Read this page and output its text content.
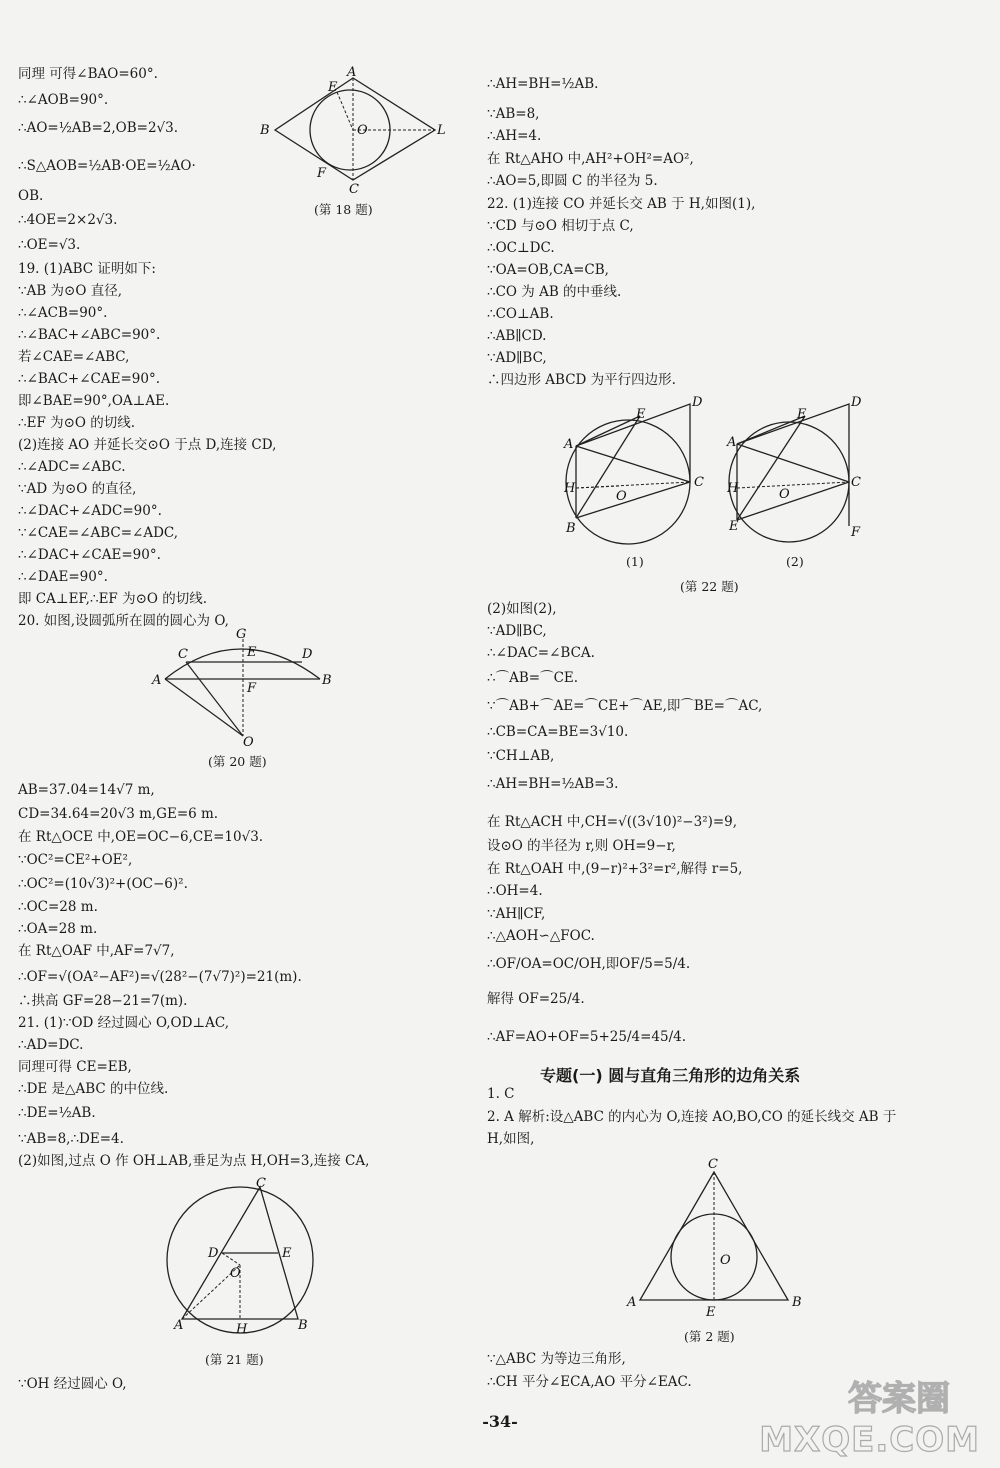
同理 可得∠BAO=60°.
∴∠AOB=90°.
∴AO=½AB=2,OB=2√3.
∴S△AOB=½AB·OE=½AO·
OB.
∴4OE=2×2√3.
∴OE=√3.
19. (1)ABC 证明如下:
∵AB 为⊙O 直径,
∴∠ACB=90°.
∴∠BAC+∠ABC=90°.
若∠CAE=∠ABC,
∴∠BAC+∠CAE=90°.
即∠BAE=90°,OA⊥AE.
∴EF 为⊙O 的切线.
(2)连接 AO 并延长交⊙O 于点 D,连接 CD,
∴∠ADC=∠ABC.
∵AD 为⊙O 的直径,
∴∠DAC+∠ADC=90°.
∵∠CAE=∠ABC=∠ADC,
∴∠DAC+∠CAE=90°.
∴∠DAE=90°.
即 CA⊥EF,∴EF 为⊙O 的切线.
20. 如图,设圆弧所在圆的圆心为 O,
AB=37.04=14√7 m,
CD=34.64=20√3 m,GE=6 m.
在 Rt△OCE 中,OE=OC−6,CE=10√3.
∵OC²=CE²+OE²,
∴OC²=(10√3)²+(OC−6)².
∴OC=28 m.
∴OA=28 m.
在 Rt△OAF 中,AF=7√7,
∴OF=√(OA²−AF²)=√(28²−(7√7)²)=21(m).
∴拱高 GF=28−21=7(m).
21. (1)∵OD 经过圆心 O,OD⊥AC,
∴AD=DC.
同理可得 CE=EB,
∴DE 是△ABC 的中位线.
∴DE=½AB.
∵AB=8,∴DE=4.
(2)如图,过点 O 作 OH⊥AB,垂足为点 H,OH=3,连接 CA,
∵OH 经过圆心 O,
A
E
B	O	L
F
C
(第 18 题)
G
C	E	D
A	B
F
O
(第 20 题)
C
D	E
O
A	H	B
(第 21 题)
∴AH=BH=½AB.
∵AB=8,
∴AH=4.
在 Rt△AHO 中,AH²+OH²=AO²,
∴AO=5,即圆 C 的半径为 5.
22. (1)连接 CO 并延长交 AB 于 H,如图(1),
∵CD 与⊙O 相切于点 C,
∴OC⊥DC.
∵OA=OB,CA=CB,
∴CO 为 AB 的中垂线.
∴CO⊥AB.
∴AB∥CD.
∵AD∥BC,
∴四边形 ABCD 为平行四边形.
(2)如图(2),
∵AD∥BC,
∴∠DAC=∠BCA.
∴⌒AB=⌒CE.
∵⌒AB+⌒AE=⌒CE+⌒AE,即⌒BE=⌒AC,
∴CB=CA=BE=3√10.
∵CH⊥AB,
∴AH=BH=½AB=3.
在 Rt△ACH 中,CH=√((3√10)²−3²)=9,
设⊙O 的半径为 r,则 OH=9−r,
在 Rt△OAH 中,(9−r)²+3²=r²,解得 r=5,
∴OH=4.
∵AH∥CF,
∴△AOH∽△FOC.
∴OF/OA=OC/OH,即OF/5=5/4.
解得 OF=25/4.
∴AF=AO+OF=5+25/4=45/4.
1. C
2. A 解析:设△ABC 的内心为 O,连接 AO,BO,CO 的延长线交 AB 于
H,如图,
∵△ABC 为等边三角形,
∴CH 平分∠ECA,AO 平分∠EAC.
专题(一) 圆与直角三角形的边角关系
E
D
A
H
O
C
B
(1)
E
D
A
H	O
C
E	F
(2)
(第 22 题)
C
O
A
E
B
(第 2 题)
-34-
答案圈
MXQE.COM
